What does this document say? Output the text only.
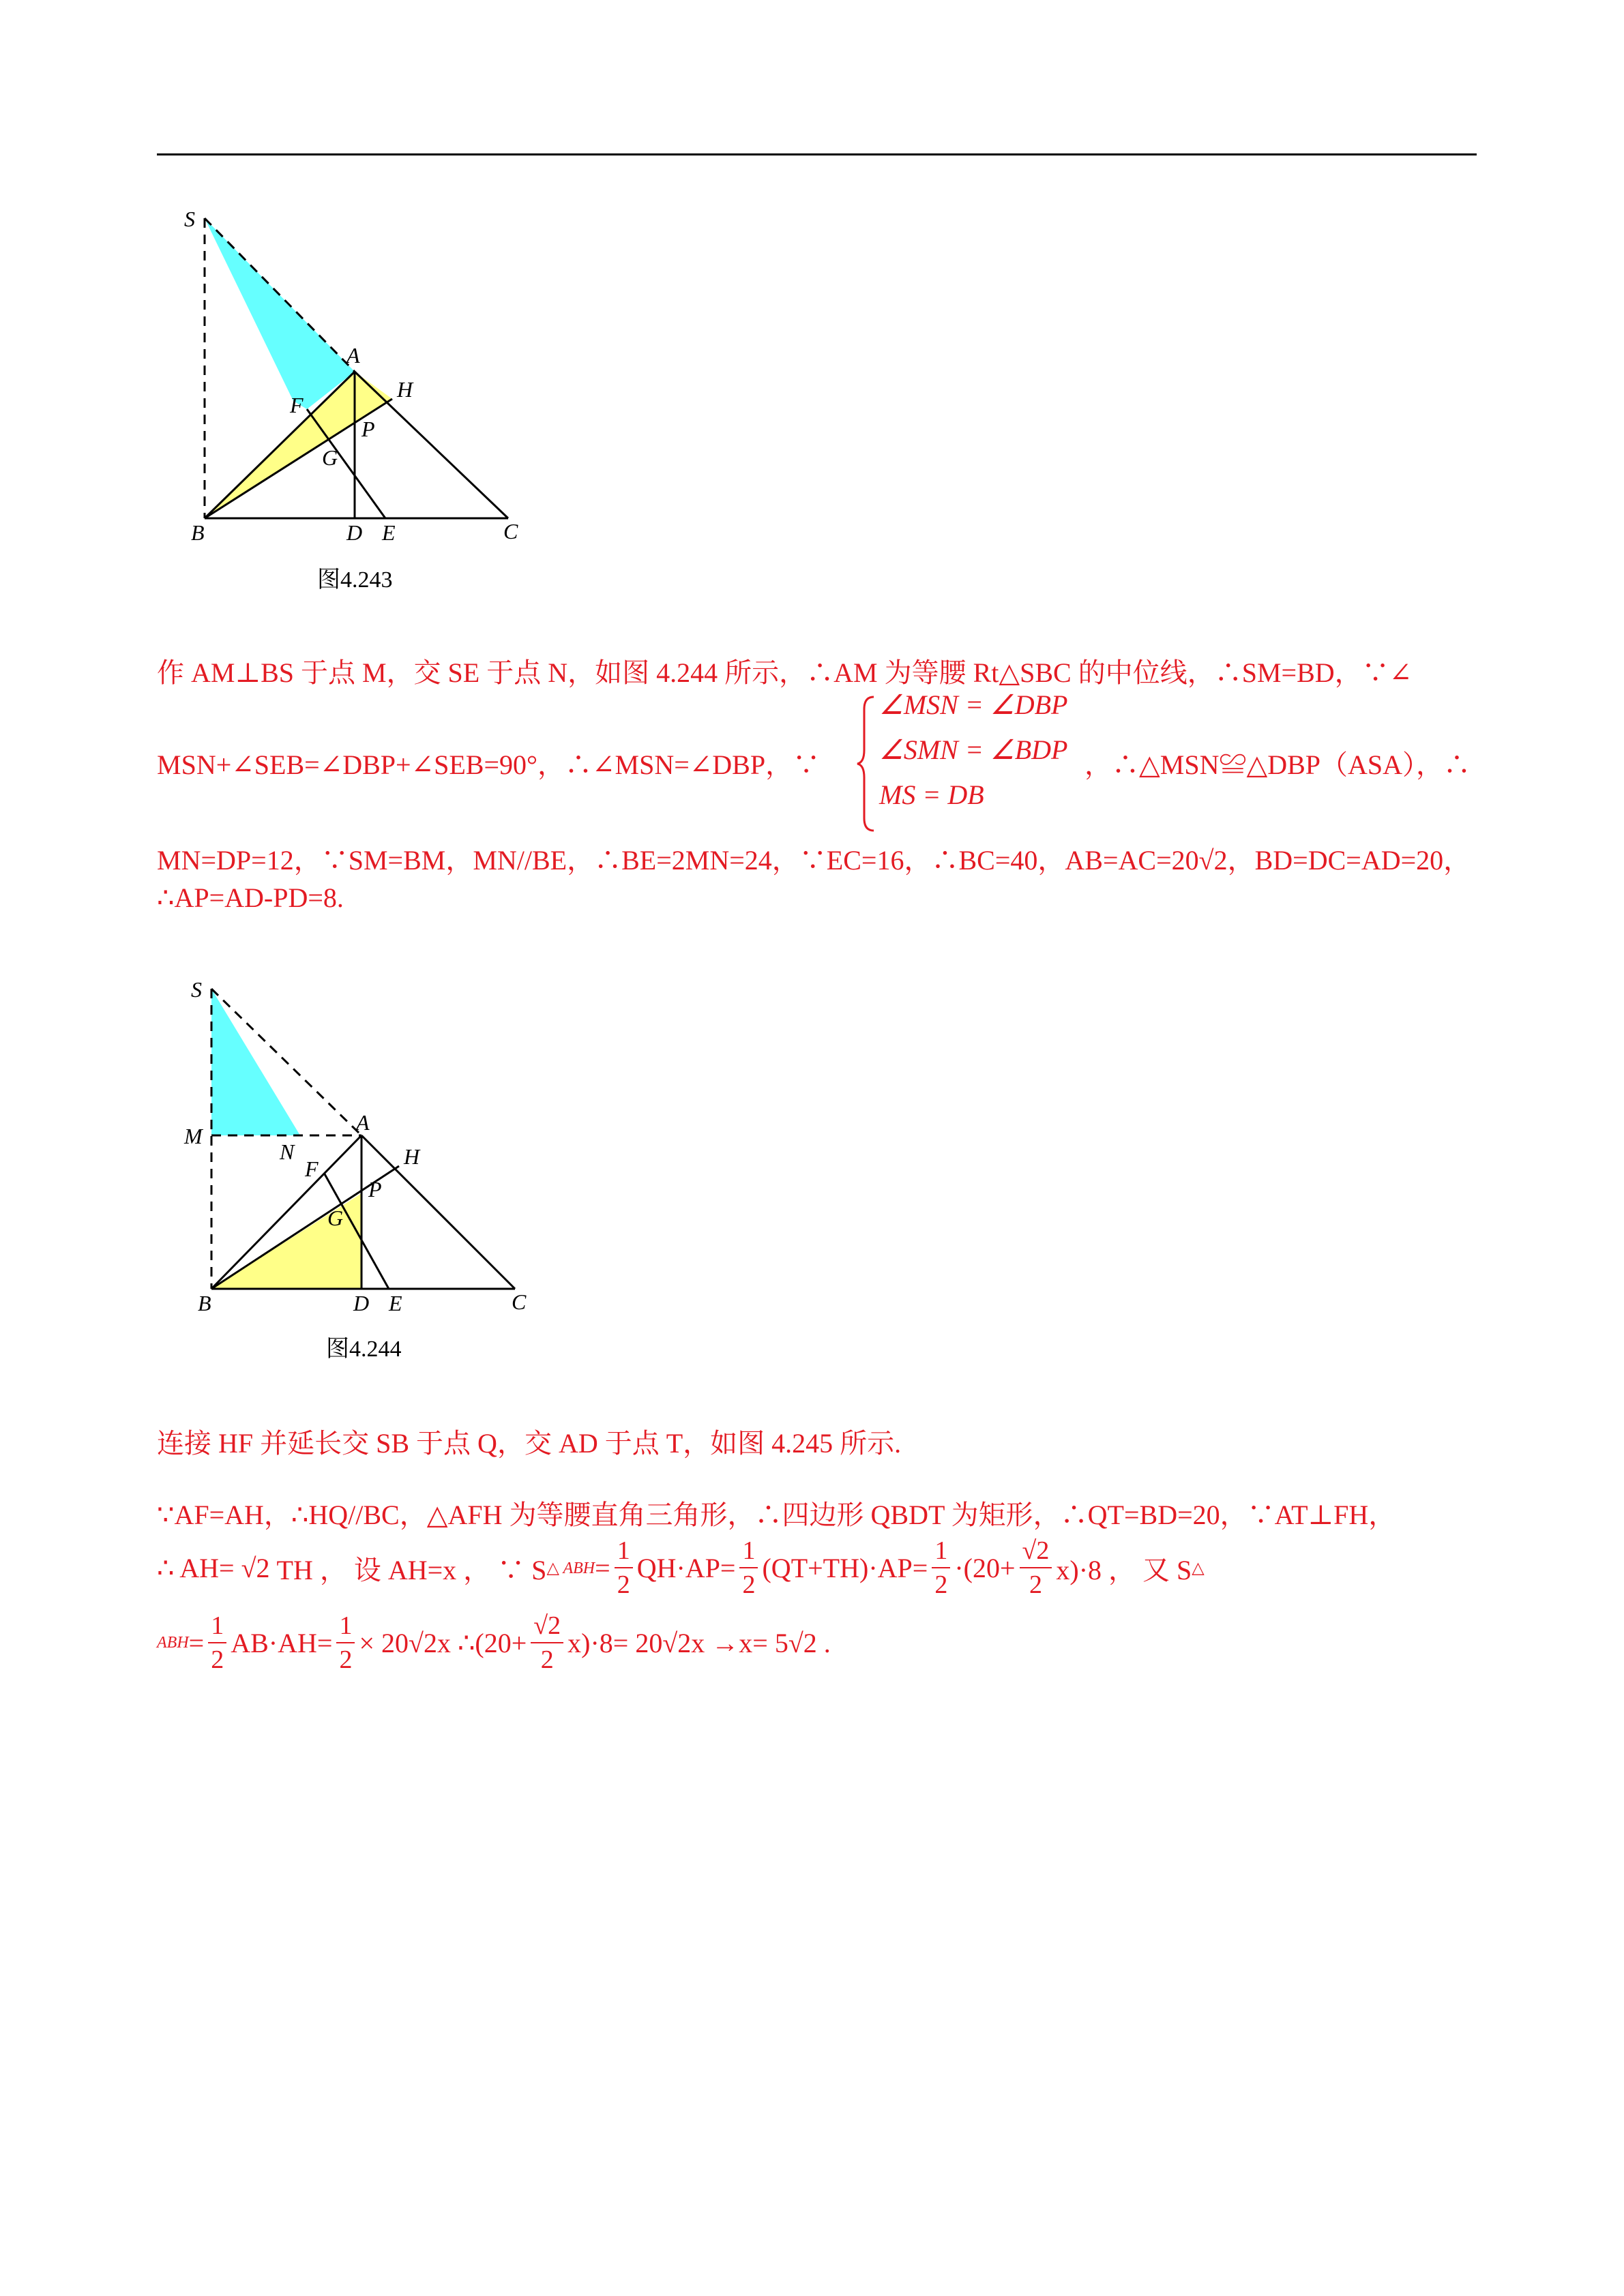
S
A
H
F
P
G
B	D E	C
图4.243
作 AM⊥BS 于点 M，交 SE 于点 N，如图 4.244 所示，∴AM 为等腰 Rt△SBC 的中位线，∴SM=BD，∵∠
MSN+∠SEB=∠DBP+∠SEB=90°，∴∠MSN=∠DBP，∵
∠MSN = ∠DBP
∠SMN = ∠BDP
MS = DB
，∴△MSN≌△DBP（ASA），∴
MN=DP=12，∵SM=BM，MN//BE，∴BE=2MN=24，∵EC=16，∴BC=40，AB=AC=20√2，BD=DC=AD=20，
∴AP=AD-PD=8.
S
M
N
A
H
F
P
G
B	D E	C
图4.244
连接 HF 并延长交 SB 于点 Q，交 AD 于点 T，如图 4.245 所示.
∵AF=AH，∴HQ//BC，△AFH 为等腰直角三角形，∴四边形 QBDT 为矩形，∴QT=BD=20，∵AT⊥FH，
∴ AH= √2 TH ， 设 AH=x ， ∵ S △ ABH = $\frac{1}{2} QH\cdot AP= \frac{1}{2} (QT+TH)\cdot AP= \frac{1}{2} \cdot(20+ \frac{√2}{2} x)\cdot 8$ ， 又 S △
ABH = $\frac{1}{2} AB\cdot AH= \frac{1}{2} \times 20√2x$ ∴(20+ $\frac{√2}{2} x)\cdot 8= 20√2x \to x= 5√2$ .
